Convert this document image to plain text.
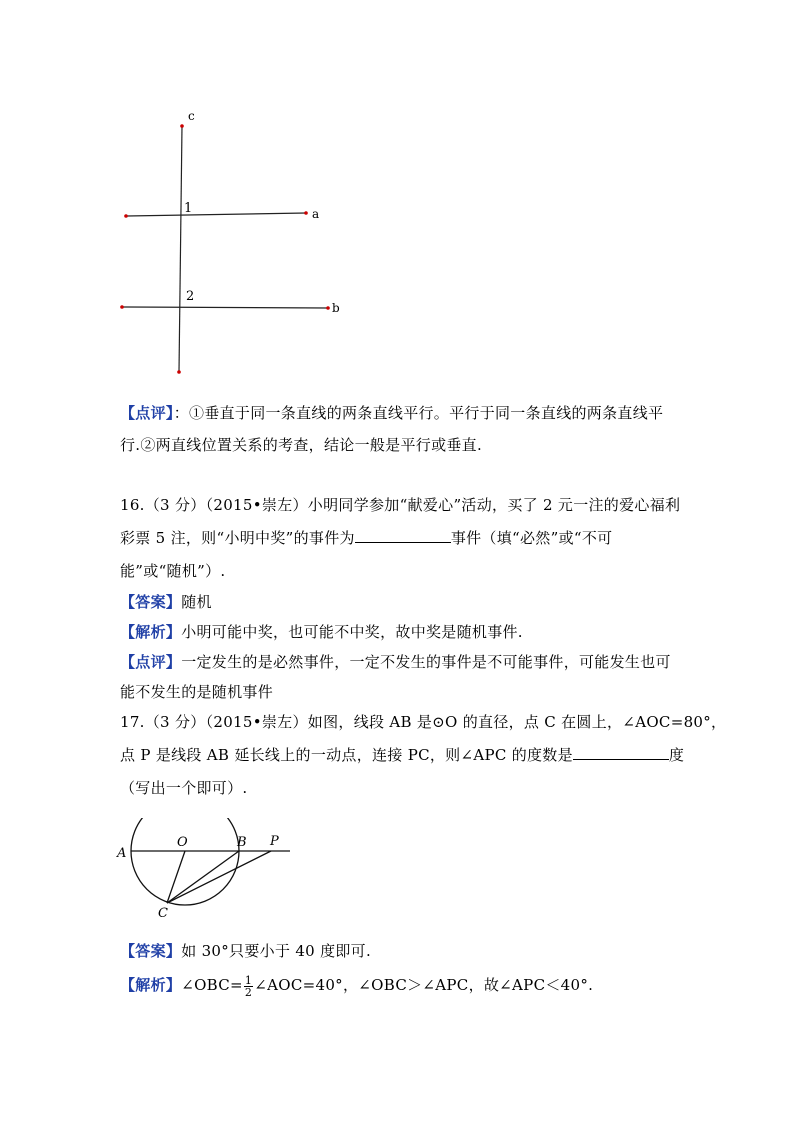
c
a
b
1
2
【点评】：①垂直于同一条直线的两条直线平行。平行于同一条直线的两条直线平
行.②两直线位置关系的考查，结论一般是平行或垂直.
16.（3 分）（2015•崇左）小明同学参加“献爱心”活动，买了 2 元一注的爱心福利
彩票 5 注，则“小明中奖”的事件为	事件（填“必然”或“不可
能”或“随机”）.
【答案】随机
【解析】小明可能中奖，也可能不中奖，故中奖是随机事件.
【点评】一定发生的是必然事件，一定不发生的事件是不可能事件，可能发生也可
能不发生的是随机事件
17.（3 分）（2015•崇左）如图，线段 AB 是⊙O 的直径，点 C 在圆上，∠AOC=80°，
点 P 是线段 AB 延长线上的一动点，连接 PC，则∠APC 的度数是	度
（写出一个即可）.
A
O	B P
C
【答案】如 30°只要小于 40 度即可.
【解析】∠OBC= $\frac{1}{2}$ ∠AOC=40°，∠OBC＞∠APC，故∠APC＜40°.
